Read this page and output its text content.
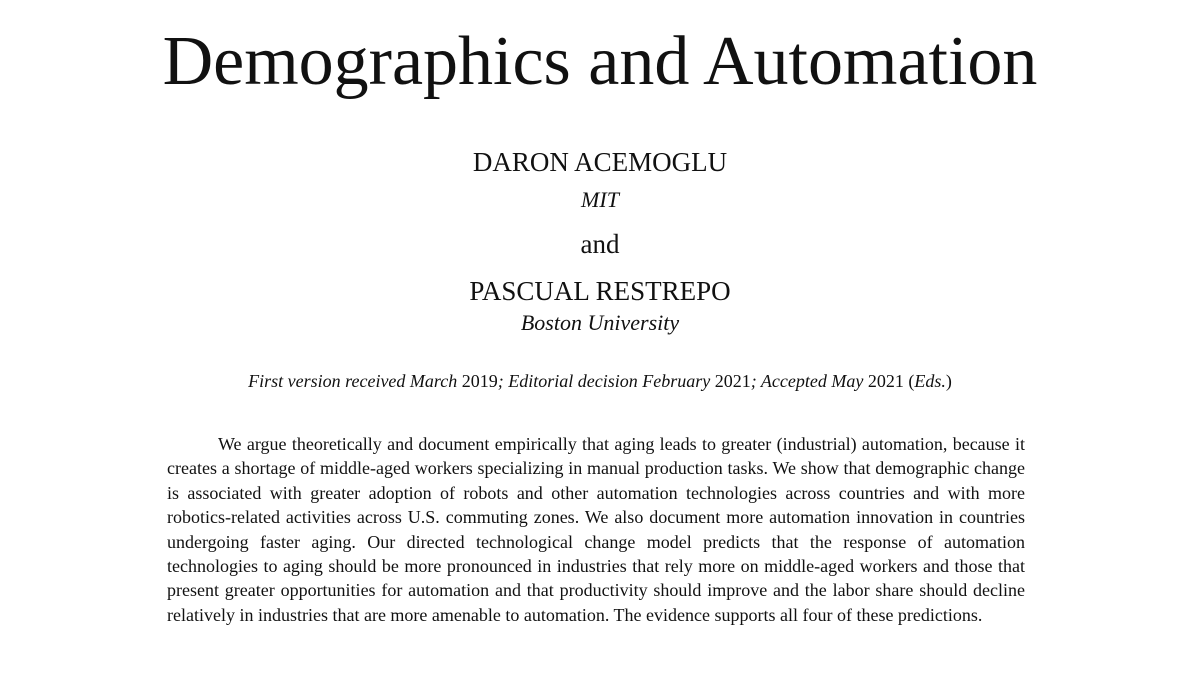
Demographics and Automation
DARON ACEMOGLU
MIT
and
PASCUAL RESTREPO
Boston University
First version received March 2019; Editorial decision February 2021; Accepted May 2021 (Eds.)

We argue theoretically and document empirically that aging leads to greater (industrial) automation, because it creates a shortage of middle-aged workers specializing in manual production tasks. We show that demographic change is associated with greater adoption of robots and other automation technologies across countries and with more robotics-related activities across U.S. commuting zones. We also document more automation innovation in countries undergoing faster aging. Our directed technological change model predicts that the response of automation technologies to aging should be more pronounced in industries that rely more on middle-aged workers and those that present greater opportunities for automation and that productivity should improve and the labor share should decline relatively in industries that are more amenable to automation. The evidence supports all four of these predictions.
